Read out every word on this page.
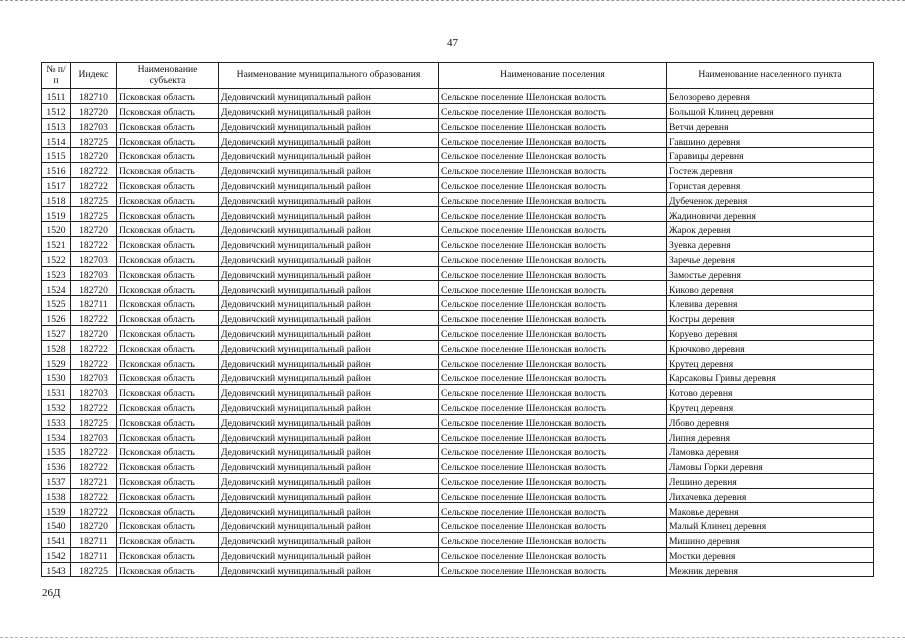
47
№ п/п	Индекс	Наименование субъекта	Наименование муниципального образования	Наименование поселения	Наименование населенного пункта
1511	182710	Псковская область	Дедовичский муниципальный район	Сельское поселение Шелонская волость	Белозорево деревня
1512	182720	Псковская область	Дедовичский муниципальный район	Сельское поселение Шелонская волость	Большой Клинец деревня
1513	182703	Псковская область	Дедовичский муниципальный район	Сельское поселение Шелонская волость	Ветчи деревня
1514	182725	Псковская область	Дедовичский муниципальный район	Сельское поселение Шелонская волость	Гавшино деревня
1515	182720	Псковская область	Дедовичский муниципальный район	Сельское поселение Шелонская волость	Гаравицы деревня
1516	182722	Псковская область	Дедовичский муниципальный район	Сельское поселение Шелонская волость	Гостеж деревня
1517	182722	Псковская область	Дедовичский муниципальный район	Сельское поселение Шелонская волость	Гористая деревня
1518	182725	Псковская область	Дедовичский муниципальный район	Сельское поселение Шелонская волость	Дубеченок деревня
1519	182725	Псковская область	Дедовичский муниципальный район	Сельское поселение Шелонская волость	Жадиновичи деревня
1520	182720	Псковская область	Дедовичский муниципальный район	Сельское поселение Шелонская волость	Жарок деревня
1521	182722	Псковская область	Дедовичский муниципальный район	Сельское поселение Шелонская волость	Зуевка деревня
1522	182703	Псковская область	Дедовичский муниципальный район	Сельское поселение Шелонская волость	Заречье деревня
1523	182703	Псковская область	Дедовичский муниципальный район	Сельское поселение Шелонская волость	Замостье деревня
1524	182720	Псковская область	Дедовичский муниципальный район	Сельское поселение Шелонская волость	Киково деревня
1525	182711	Псковская область	Дедовичский муниципальный район	Сельское поселение Шелонская волость	Клевива деревня
1526	182722	Псковская область	Дедовичский муниципальный район	Сельское поселение Шелонская волость	Костры деревня
1527	182720	Псковская область	Дедовичский муниципальный район	Сельское поселение Шелонская волость	Коруево деревня
1528	182722	Псковская область	Дедовичский муниципальный район	Сельское поселение Шелонская волость	Крючково деревня
1529	182722	Псковская область	Дедовичский муниципальный район	Сельское поселение Шелонская волость	Крутец деревня
1530	182703	Псковская область	Дедовичский муниципальный район	Сельское поселение Шелонская волость	Карсаковы Гривы деревня
1531	182703	Псковская область	Дедовичский муниципальный район	Сельское поселение Шелонская волость	Котово деревня
1532	182722	Псковская область	Дедовичский муниципальный район	Сельское поселение Шелонская волость	Крутец деревня
1533	182725	Псковская область	Дедовичский муниципальный район	Сельское поселение Шелонская волость	Лбово деревня
1534	182703	Псковская область	Дедовичский муниципальный район	Сельское поселение Шелонская волость	Липня деревня
1535	182722	Псковская область	Дедовичский муниципальный район	Сельское поселение Шелонская волость	Ламовка деревня
1536	182722	Псковская область	Дедовичский муниципальный район	Сельское поселение Шелонская волость	Ламовы Горки деревня
1537	182721	Псковская область	Дедовичский муниципальный район	Сельское поселение Шелонская волость	Лешино деревня
1538	182722	Псковская область	Дедовичский муниципальный район	Сельское поселение Шелонская волость	Лихачевка деревня
1539	182722	Псковская область	Дедовичский муниципальный район	Сельское поселение Шелонская волость	Маковье деревня
1540	182720	Псковская область	Дедовичский муниципальный район	Сельское поселение Шелонская волость	Малый Клинец деревня
1541	182711	Псковская область	Дедовичский муниципальный район	Сельское поселение Шелонская волость	Мишино деревня
1542	182711	Псковская область	Дедовичский муниципальный район	Сельское поселение Шелонская волость	Мостки деревня
1543	182725	Псковская область	Дедовичский муниципальный район	Сельское поселение Шелонская волость	Межник деревня
26Д
